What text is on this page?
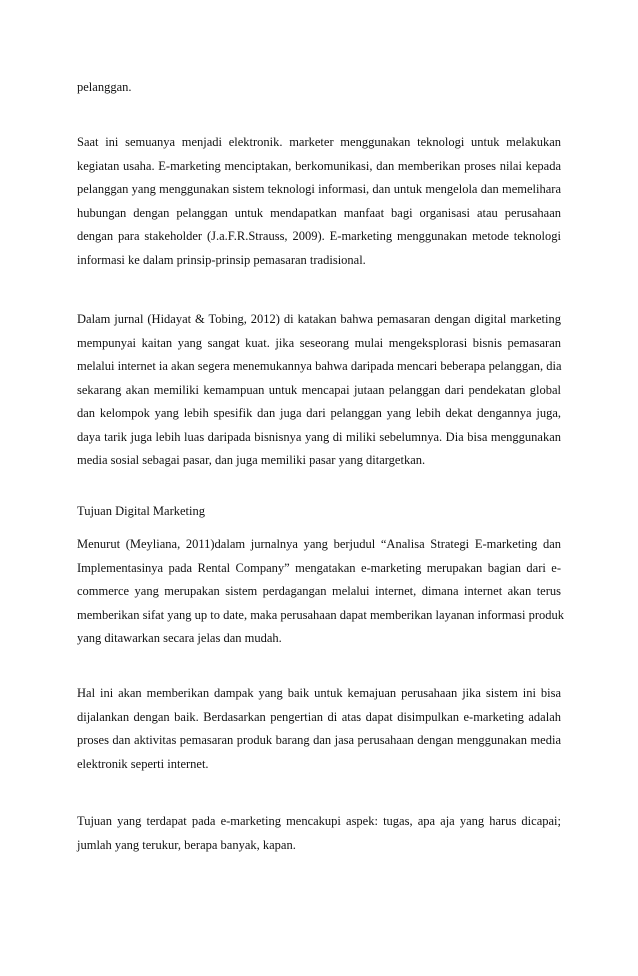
pelanggan.
Saat ini semuanya menjadi elektronik. marketer menggunakan teknologi untuk melakukan
kegiatan usaha. E-marketing menciptakan, berkomunikasi, dan memberikan proses nilai kepada
pelanggan yang menggunakan sistem teknologi informasi, dan untuk mengelola dan memelihara
hubungan dengan pelanggan untuk mendapatkan manfaat bagi organisasi atau perusahaan
dengan para stakeholder (J.a.F.R.Strauss, 2009). E-marketing menggunakan metode teknologi
informasi ke dalam prinsip-prinsip pemasaran tradisional.
Dalam jurnal (Hidayat & Tobing, 2012) di katakan bahwa pemasaran dengan digital marketing
mempunyai kaitan yang sangat kuat. jika seseorang mulai mengeksplorasi bisnis pemasaran
melalui internet ia akan segera menemukannya bahwa daripada mencari beberapa pelanggan, dia
sekarang akan memiliki kemampuan untuk mencapai jutaan pelanggan dari pendekatan global
dan kelompok yang lebih spesifik dan juga dari pelanggan yang lebih dekat dengannya juga,
daya tarik juga lebih luas daripada bisnisnya yang di miliki sebelumnya. Dia bisa menggunakan
media sosial sebagai pasar, dan juga memiliki pasar yang ditargetkan.
Tujuan Digital Marketing
Menurut (Meyliana, 2011)dalam jurnalnya yang berjudul “Analisa Strategi E-marketing dan
Implementasinya pada Rental Company” mengatakan e-marketing merupakan bagian dari e-
commerce yang merupakan sistem perdagangan melalui internet, dimana internet akan terus
memberikan sifat yang up to date, maka perusahaan dapat memberikan layanan informasi produk
yang ditawarkan secara jelas dan mudah.
Hal ini akan memberikan dampak yang baik untuk kemajuan perusahaan jika sistem ini bisa
dijalankan dengan baik. Berdasarkan pengertian di atas dapat disimpulkan e-marketing adalah
proses dan aktivitas pemasaran produk barang dan jasa perusahaan dengan menggunakan media
elektronik seperti internet.
Tujuan yang terdapat pada e-marketing mencakupi aspek: tugas, apa aja yang harus dicapai;
jumlah yang terukur, berapa banyak, kapan.
